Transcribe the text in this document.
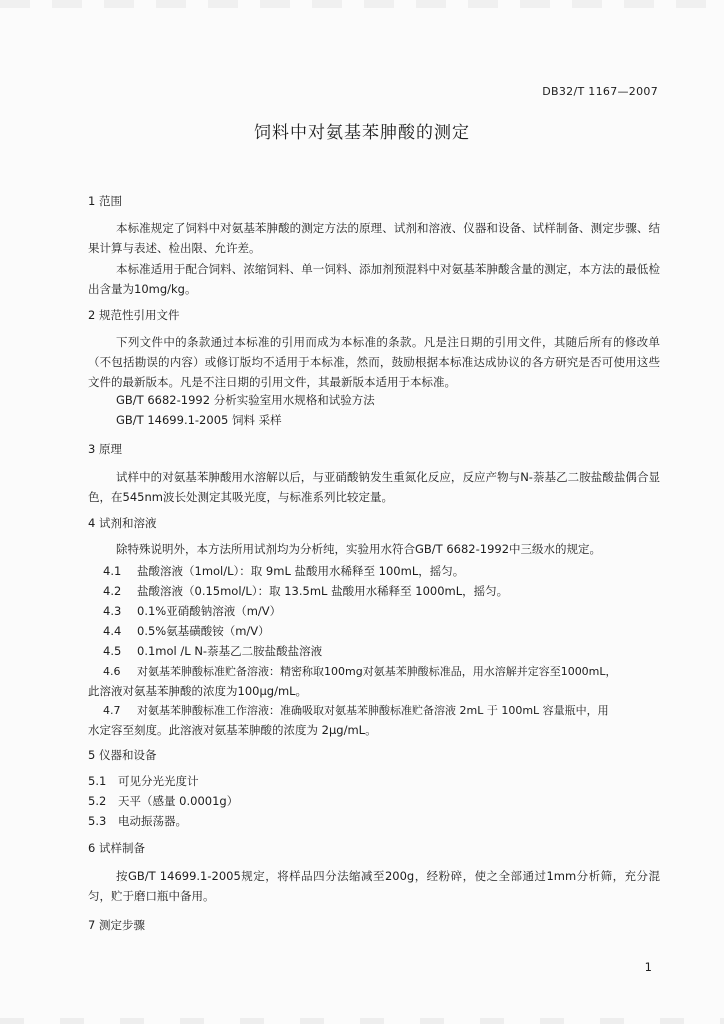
DB32/T 1167—2007
饲料中对氨基苯胂酸的测定
1 范围
本标准规定了饲料中对氨基苯胂酸的测定方法的原理、试剂和溶液、仪器和设备、试样制备、测定步骤、结果计算与表述、检出限、允许差。
本标准适用于配合饲料、浓缩饲料、单一饲料、添加剂预混料中对氨基苯胂酸含量的测定，本方法的最低检出含量为10mg/kg。
2 规范性引用文件
下列文件中的条款通过本标准的引用而成为本标准的条款。凡是注日期的引用文件，其随后所有的修改单（不包括勘误的内容）或修订版均不适用于本标准，然而，鼓励根据本标准达成协议的各方研究是否可使用这些文件的最新版本。凡是不注日期的引用文件，其最新版本适用于本标准。
GB/T 6682-1992 分析实验室用水规格和试验方法
GB/T 14699.1-2005 饲料 采样
3 原理
试样中的对氨基苯胂酸用水溶解以后，与亚硝酸钠发生重氮化反应，反应产物与N-萘基乙二胺盐酸盐偶合显色，在545nm波长处测定其吸光度，与标准系列比较定量。
4 试剂和溶液
除特殊说明外，本方法所用试剂均为分析纯，实验用水符合GB/T 6682-1992中三级水的规定。
4.1 盐酸溶液（1mol/L）：取 9mL 盐酸用水稀释至 100mL，摇匀。
4.2 盐酸溶液（0.15mol/L）：取 13.5mL 盐酸用水稀释至 1000mL，摇匀。
4.3 0.1%亚硝酸钠溶液（m/V）
4.4 0.5%氨基磺酸铵（m/V）
4.5 0.1mol /L N-萘基乙二胺盐酸盐溶液
4.6 对氨基苯胂酸标准贮备溶液：精密称取100mg对氨基苯胂酸标准品，用水溶解并定容至1000mL，
此溶液对氨基苯胂酸的浓度为100μg/mL。
4.7 对氨基苯胂酸标准工作溶液：准确吸取对氨基苯胂酸标准贮备溶液 2mL 于 100mL 容量瓶中，用
水定容至刻度。此溶液对氨基苯胂酸的浓度为 2μg/mL。
5 仪器和设备
5.1 可见分光光度计
5.2 天平（感量 0.0001g）
5.3 电动振荡器。
6 试样制备
按GB/T 14699.1-2005规定，将样品四分法缩减至200g，经粉碎，使之全部通过1mm分析筛，充分混匀，贮于磨口瓶中备用。
7 测定步骤
1
